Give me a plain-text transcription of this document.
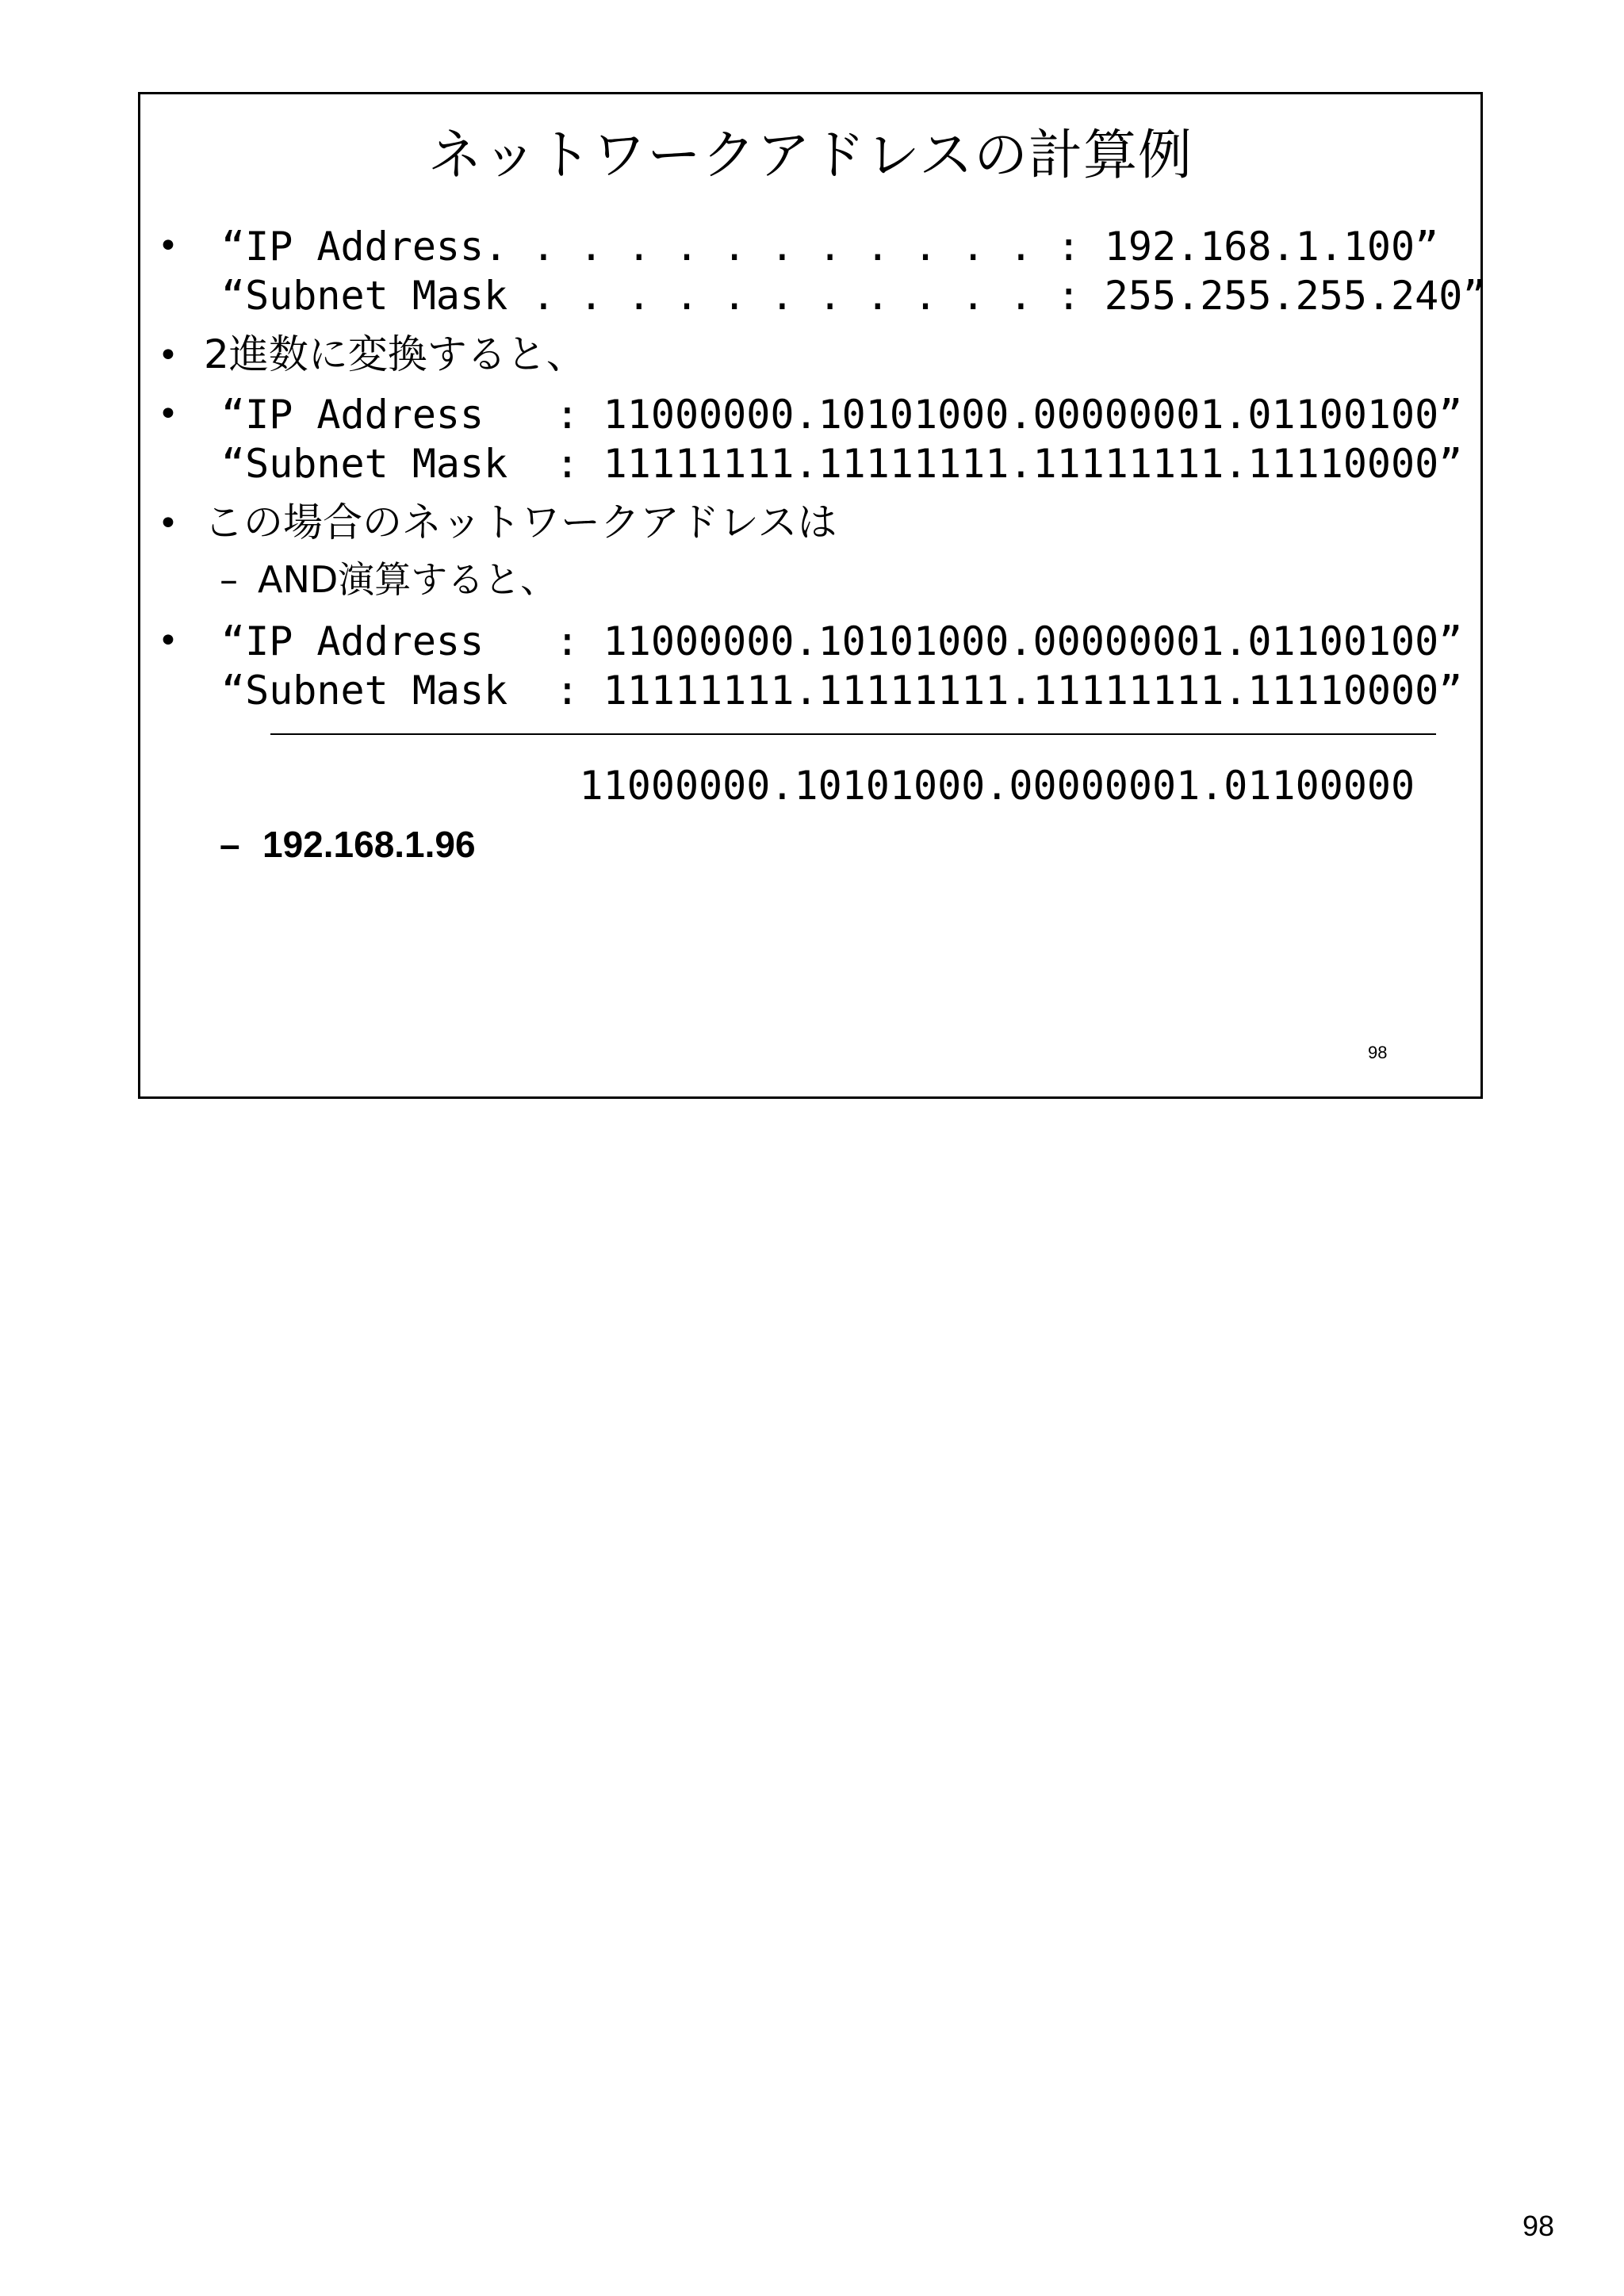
ネットワークアドレスの計算例
• “IP Address. . . . . . . . . . . . : 192.168.1.100”
“Subnet Mask . . . . . . . . . . . : 255.255.255.240”
• 2進数に変換すると、
• “IP Address   : 11000000.10101000.00000001.01100100”
“Subnet Mask  : 11111111.11111111.11111111.11110000”
• この場合のネットワークアドレスは
– AND演算すると、
• “IP Address   : 11000000.10101000.00000001.01100100”
“Subnet Mask  : 11111111.11111111.11111111.11110000”
11000000.10101000.00000001.01100000
– 192.168.1.96
98
98
